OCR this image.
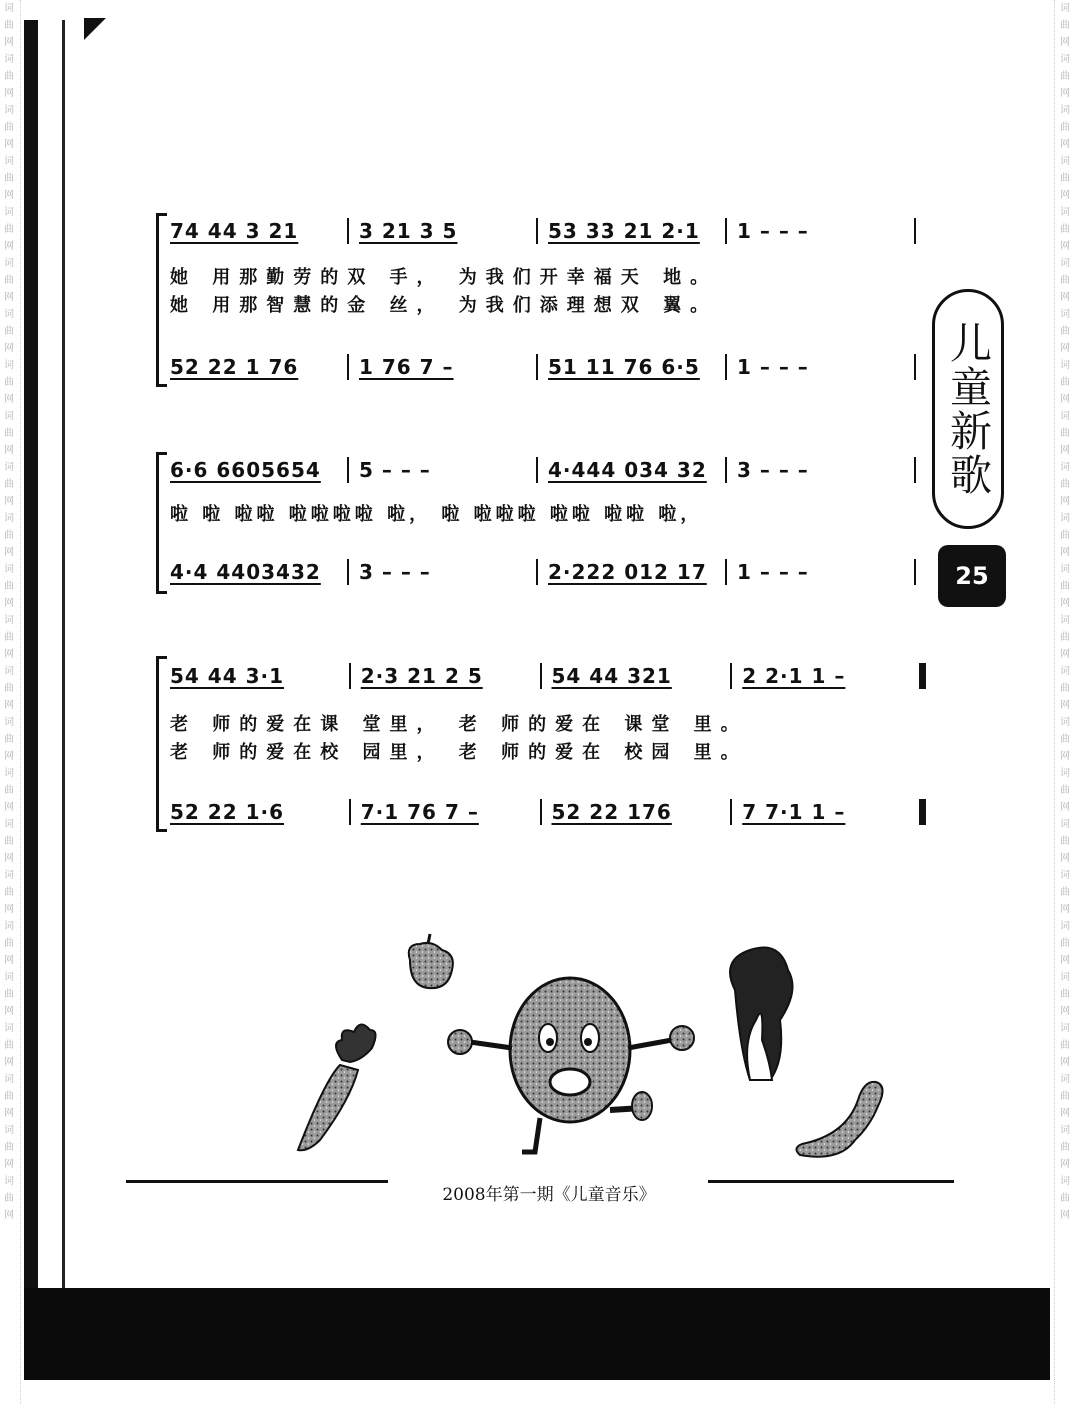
词曲网
词曲网
词曲网
词曲网
词曲网
词曲网
词曲网
词曲网
词曲网
词曲网
词曲网
词曲网
词曲网
词曲网
词曲网
词曲网
词曲网
词曲网
词曲网
词曲网
词曲网
词曲网
词曲网
词曲网
词曲网
词曲网
词曲网
词曲网
词曲网
词曲网
词曲网
词曲网
词曲网
词曲网
词曲网
词曲网
词曲网
词曲网
词曲网
词曲网
词曲网
词曲网
词曲网
词曲网
词曲网
词曲网
词曲网
词曲网
74 44 3 21	3 21 3 5	53 33 21 2·1	1 – – –
她 用那勤劳的双 手， 为我们开幸福天 地。
她 用那智慧的金 丝， 为我们添理想双 翼。
52 22 1 76	1 76 7 –	51 11 76 6·5	1 – – –
6·6 6605654	5 – – –	4·444 034 32	3 – – –
啦 啦 啦啦 啦啦啦啦 啦， 啦 啦啦啦 啦啦 啦啦 啦，
4·4 4403432	3 – – –	2·222 012 17	1 – – –
54 44 3·1	2·3 21 2 5	54 44 321	2 2·1 1 –
老 师的爱在课 堂里， 老 师的爱在 课堂 里。
老 师的爱在校 园里， 老 师的爱在 校园 里。
52 22 1·6	7·1 76 7 –	52 22 176	7 7·1 1 –
儿童新歌
25
2008年第一期《儿童音乐》
